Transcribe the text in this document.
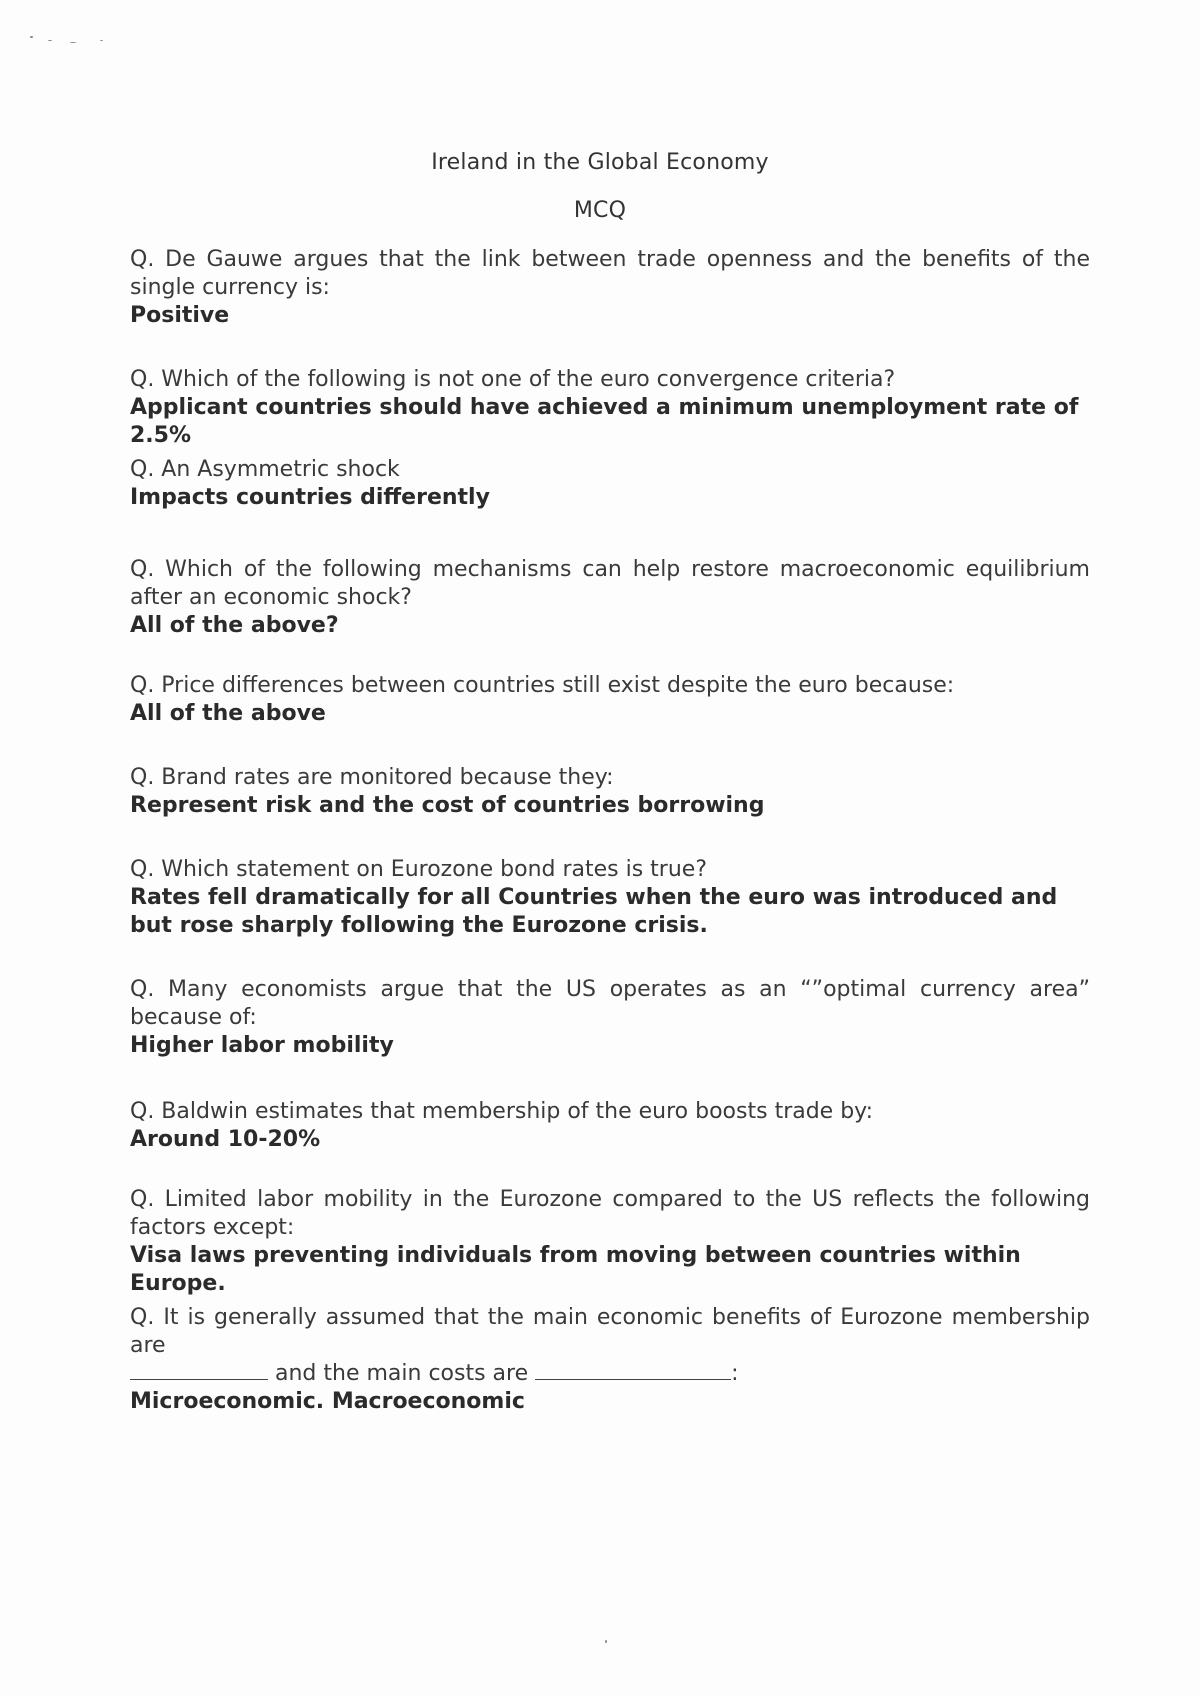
Ireland in the Global Economy
MCQ
Q. De Gauwe argues that the link between trade openness and the benefits of the single currency is:
Positive
Q. Which of the following is not one of the euro convergence criteria?
Applicant countries should have achieved a minimum unemployment rate of 2.5%
Q. An Asymmetric shock
Impacts countries differently
Q. Which of the following mechanisms can help restore macroeconomic equilibrium after an economic shock?
All of the above?
Q. Price differences between countries still exist despite the euro because:
All of the above
Q. Brand rates are monitored because they:
Represent risk and the cost of countries borrowing
Q. Which statement on Eurozone bond rates is true?
Rates fell dramatically for all Countries when the euro was introduced and but rose sharply following the Eurozone crisis.
Q. Many economists argue that the US operates as an “”optimal currency area” because of:
Higher labor mobility
Q. Baldwin estimates that membership of the euro boosts trade by:
Around 10-20%
Q. Limited labor mobility in the Eurozone compared to the US reflects the following factors except:
Visa laws preventing individuals from moving between countries within Europe.
Q. It is generally assumed that the main economic benefits of Eurozone membership are
and the main costs are	:
Microeconomic. Macroeconomic
